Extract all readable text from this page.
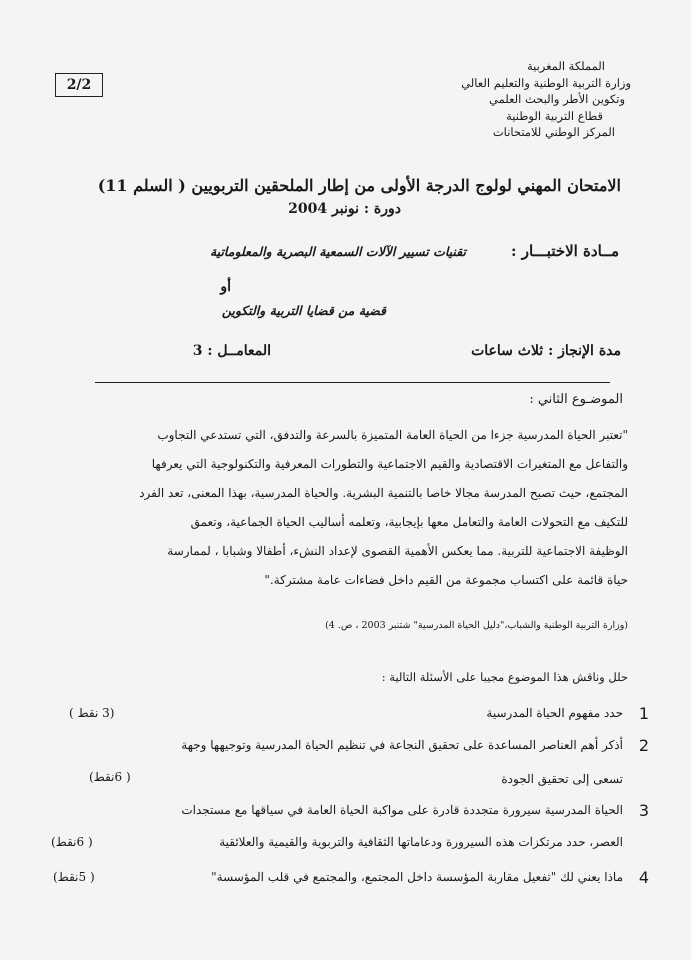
المملكة المغربية
وزارة التربية الوطنية والتعليم العالي
وتكوين الأطر والبحث العلمي
قطاع التربية الوطنية
المركز الوطني للامتحانات
2/2
الامتحان المهني لولوج الدرجة الأولى من إطار الملحقين التربويين ( السلم 11)
دورة : نونبر 2004
مــادة الاختبـــار :
تقنيات تسيير الآلات السمعية البصرية والمعلوماتية
أو
قضية من قضايا التربية والتكوين
مدة الإنجاز : ثلاث ساعات
المعامــل : 3
الموضـوع الثاني :
"تعتبر الحياة المدرسية جزءا من الحياة العامة المتميزة بالسرعة والتدفق، التي تستدعي التجاوب
والتفاعل مع المتغيرات الاقتصادية والقيم الاجتماعية والتطورات المعرفية والتكنولوجية التي يعرفها
المجتمع، حيث تصبح المدرسة مجالا خاصا بالتنمية البشرية. والحياة المدرسية، بهذا المعنى، تعد الفرد
للتكيف مع التحولات العامة والتعامل معها بإيجابية، وتعلمه أساليب الحياة الجماعية، وتعمق
الوظيفة الاجتماعية للتربية. مما يعكس الأهمية القصوى لإعداد النشء، أطفالا وشبابا ، لممارسة
حياة قائمة على اكتساب مجموعة من القيم داخل فضاءات عامة مشتركة."
(وزارة التربية الوطنية والشباب،"دليل الحياة المدرسية" شتنبر 2003 ، ص. 4)
حلل وناقش هذا الموضوع مجيبا على الأسئلة التالية :
1
حدد مفهوم الحياة المدرسية
(3 نقط )
2
أذكر أهم العناصر المساعدة على تحقيق النجاعة في تنظيم الحياة المدرسية وتوجيهها وجهة
تسعى إلى تحقيق الجودة
( 6نقط)
3
الحياة المدرسية سيرورة متجددة قادرة على مواكبة الحياة العامة في سياقها مع مستجدات
العصر، حدد مرتكزات هذه السيرورة ودعاماتها الثقافية والتربوية والقيمية والعلائقية
( 6نقط)
4
ماذا يعني لك "تفعيل مقاربة المؤسسة داخل المجتمع، والمجتمع في قلب المؤسسة"
( 5نقط)
